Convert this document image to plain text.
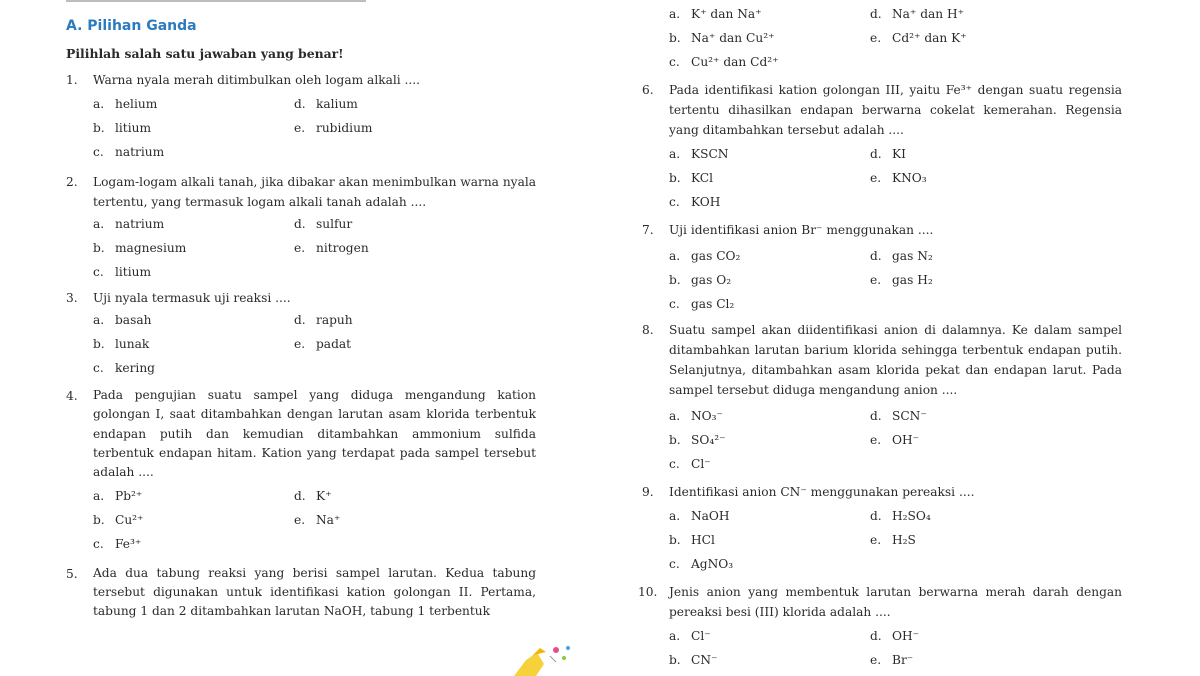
A. Pilihan Ganda
Pilihlah salah satu jawaban yang benar!
1. Warna nyala merah ditimbulkan oleh logam alkali ....
a. helium	d. kalium
b. litium	e. rubidium
c. natrium
2. Logam-logam alkali tanah, jika dibakar akan menimbulkan warna nyala tertentu, yang termasuk logam alkali tanah adalah ....
a. natrium	d. sulfur
b. magnesium	e. nitrogen
c. litium
3. Uji nyala termasuk uji reaksi ....
a. basah	d. rapuh
b. lunak	e. padat
c. kering
4. Pada pengujian suatu sampel yang diduga mengandung kation golongan I, saat ditambahkan dengan larutan asam klorida terbentuk endapan putih dan kemudian ditambahkan ammonium sulfida terbentuk endapan hitam. Kation yang terdapat pada sampel tersebut adalah ....
a. Pb²⁺	d. K⁺
b. Cu²⁺	e. Na⁺
c. Fe³⁺
5. Ada dua tabung reaksi yang berisi sampel larutan. Kedua tabung tersebut digunakan untuk identifikasi kation golongan II. Pertama, tabung 1 dan 2 ditambahkan larutan NaOH, tabung 1 terbentuk
a. K⁺ dan Na⁺	d. Na⁺ dan H⁺
b. Na⁺ dan Cu²⁺	e. Cd²⁺ dan K⁺
c. Cu²⁺ dan Cd²⁺
6. Pada identifikasi kation golongan III, yaitu Fe³⁺ dengan suatu regensia tertentu dihasilkan endapan berwarna cokelat kemerahan. Regensia yang ditambahkan tersebut adalah ....
a. KSCN	d. KI
b. KCl	e. KNO₃
c. KOH
7. Uji identifikasi anion Br⁻ menggunakan ....
a. gas CO₂	d. gas N₂
b. gas O₂	e. gas H₂
c. gas Cl₂
8. Suatu sampel akan diidentifikasi anion di dalamnya. Ke dalam sampel ditambahkan larutan barium klorida sehingga terbentuk endapan putih. Selanjutnya, ditambahkan asam klorida pekat dan endapan larut. Pada sampel tersebut diduga mengandung anion ....
a. NO₃⁻	d. SCN⁻
b. SO₄²⁻	e. OH⁻
c. Cl⁻
9. Identifikasi anion CN⁻ menggunakan pereaksi ....
a. NaOH	d. H₂SO₄
b. HCl	e. H₂S
c. AgNO₃
10. Jenis anion yang membentuk larutan berwarna merah darah dengan pereaksi besi (III) klorida adalah ....
a. Cl⁻	d. OH⁻
b. CN⁻	e. Br⁻
